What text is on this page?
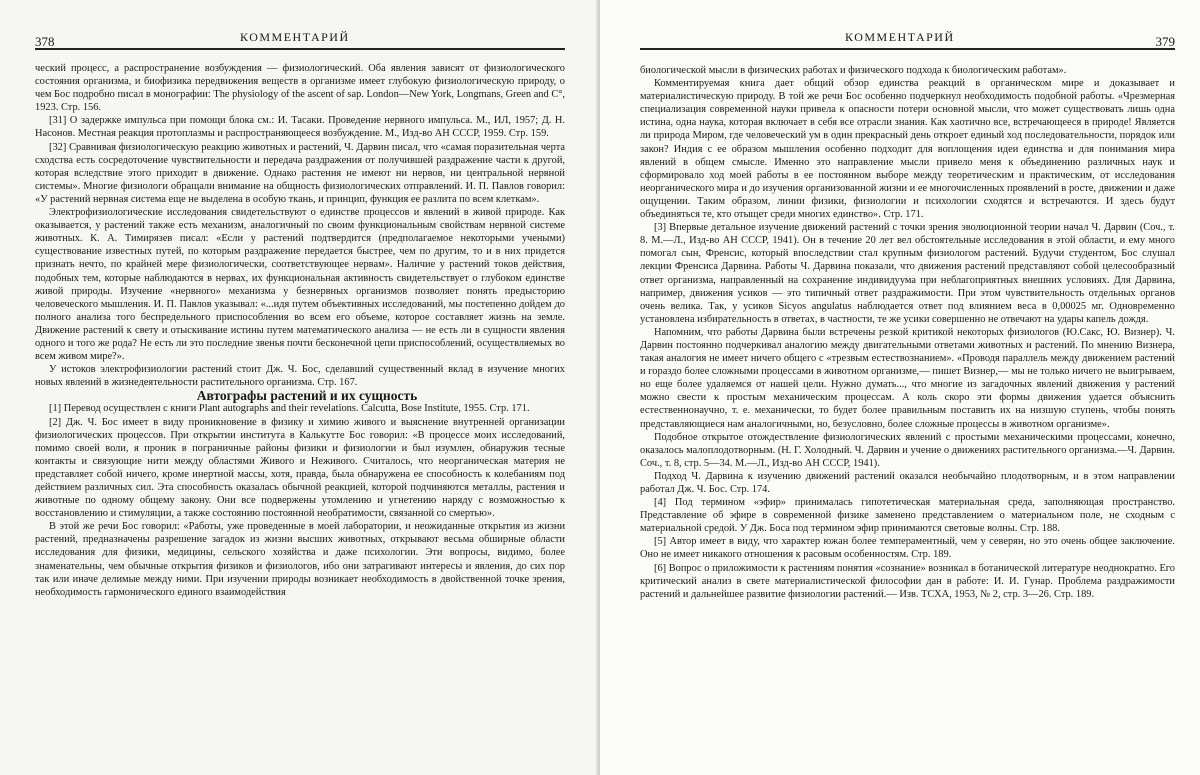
378	КОММЕНТАРИЙ

ческий процесс, а распространение возбуждения — физиологический. Оба явления зависят от физиологического состояния организма, и биофизика передвижения веществ в организме имеет глубокую физиологическую природу, о чем Бос подробно писал в монографии: The physiology of the ascent of sap. London—New York, Longmans, Green and C°, 1923. Стр. 156.

[31] О задержке импульса при помощи блока см.: И. Тасаки. Проведение нервного импульса. М., ИЛ, 1957; Д. Н. Насонов. Местная реакция протоплазмы и распространяющееся возбуждение. М., Изд-во АН СССР, 1959. Стр. 159.

[32] Сравнивая физиологическую реакцию животных и растений, Ч. Дарвин писал, что «самая поразительная черта сходства есть сосредоточение чувствительности и передача раздражения от получившей раздражение части к другой, которая вследствие этого приходит в движение. Однако растения не имеют ни нервов, ни центральной нервной системы». Многие физиологи обращали внимание на общность физиологических отправлений. И. П. Павлов говорил: «У растений нервная система еще не выделена в особую ткань, и принцип, функция ее разлита по всем клеткам».

Электрофизиологические исследования свидетельствуют о единстве процессов и явлений в живой природе. Как оказывается, у растений также есть механизм, аналогичный по своим функциональным свойствам нервной системе животных. К. А. Тимирязев писал: «Если у растений подтвердится (предполагаемое некоторыми учеными) существование известных путей, по которым раздражение передается быстрее, чем по другим, то и в них придется признать нечто, по крайней мере физиологически, соответствующее нервам». Наличие у растений токов действия, подобных тем, которые наблюдаются в нервах, их функциональная активность свидетельствует о глубоком единстве живой природы. Изучение «нервного» механизма у безнервных организмов позволяет понять предысторию человеческого мышления. И. П. Павлов указывал: «...идя путем объективных исследований, мы постепенно дойдем до полного анализа того беспредельного приспособления во всем его объеме, которое составляет жизнь на земле. Движение растений к свету и отыскивание истины путем математического анализа — не есть ли в сущности явления одного и того же рода? Не есть ли это последние звенья почти бесконечной цепи приспособлений, осуществляемых во всем живом мире?».

У истоков электрофизиологии растений стоит Дж. Ч. Бос, сделавший существенный вклад в изучение многих новых явлений в жизнедеятельности растительного организма. Стр. 167.

Автографы растений и их сущность

[1] Перевод осуществлен с книги Plant autographs and their revelations. Calcutta, Bose Institute, 1955. Стр. 171.

[2] Дж. Ч. Бос имеет в виду проникновение в физику и химию живого и выяснение внутренней организации физиологических процессов. При открытии института в Калькутте Бос говорил: «В процессе моих исследований, помимо своей воли, я проник в пограничные районы физики и физиологии и был изумлен, обнаружив тесные контакты и связующие нити между областями Живого и Неживого. Считалось, что неорганическая материя не представляет собой ничего, кроме инертной массы, хотя, правда, была обнаружена ее способность к колебаниям под действием различных сил. Эта способность оказалась обычной реакцией, которой подчиняются металлы, растения и животные по одному общему закону. Они все подвержены утомлению и угнетению наряду с возможностью к восстановлению и стимуляции, а также состоянию постоянной необратимости, связанной со смертью».

В этой же речи Бос говорил: «Работы, уже проведенные в моей лаборатории, и неожиданные открытия из жизни растений, предназначены разрешение загадок из жизни высших животных, открывают весьма обширные области исследования для физики, медицины, сельского хозяйства и даже психологии. Эти вопросы, видимо, более знаменательны, чем обычные открытия физиков и физиологов, ибо они затрагивают интересы и явления, до сих пор так или иначе делимые между ними. При изучении природы возникает необходимость в двойственной точке зрения, необходимость гармонического единого взаимодействия

КОММЕНТАРИЙ	379

биологической мысли в физических работах и физического подхода к биологическим работам».

Комментируемая книга дает общий обзор единства реакций в органическом мире и доказывает и материалистическую природу. В той же речи Бос особенно подчеркнул необходимость подобной работы. «Чрезмерная специализация современной науки привела к опасности потери основной мысли, что может существовать лишь одна истина, одна наука, которая включает в себя все отрасли знания. Как хаотично все, встречающееся в природе! Является ли природа Миром, где человеческий ум в один прекрасный день откроет единый ход последовательности, порядок или закон? Индия с ее образом мышления особенно подходит для воплощения идеи единства и для понимания мира явлений в общем смысле. Именно это направление мысли привело меня к объединению различных наук и сформировало ход моей работы в ее постоянном выборе между теоретическим и практическим, от исследования неорганического мира и до изучения организованной жизни и ее многочисленных проявлений в росте, движении и даже ощущении. Таким образом, линии физики, физиологии и психологии сходятся и встречаются. И здесь будут объединяться те, кто отыщет среди многих единство». Стр. 171.

[3] Впервые детальное изучение движений растений с точки зрения эволюционной теории начал Ч. Дарвин (Соч., т. 8. М.—Л., Изд-во АН СССР, 1941). Он в течение 20 лет вел обстоятельные исследования в этой области, и ему много помогал сын, Френсис, который впоследствии стал крупным физиологом растений. Будучи студентом, Бос слушал лекции Френсиса Дарвина. Работы Ч. Дарвина показали, что движения растений представляют собой целесообразный ответ организма, направленный на сохранение индивидуума при неблагоприятных внешних условиях. Для Дарвина, например, движения усиков — это типичный ответ раздражимости. При этом чувствительность отдельных органов очень велика. Так, у усиков Sicyos angulatus наблюдается ответ под влиянием веса в 0,00025 мг. Одновременно установлена избирательность в ответах, в частности, те же усики совершенно не отвечают на удары капель дождя.

Напомним, что работы Дарвина были встречены резкой критикой некоторых физиологов (Ю.Сакс, Ю. Визнер). Ч. Дарвин постоянно подчеркивал аналогию между двигательными ответами животных и растений. По мнению Визнера, такая аналогия не имеет ничего общего с «трезвым естествознанием». «Проводя параллель между движением растений и гораздо более сложными процессами в животном организме,— пишет Визнер,— мы не только ничего не выигрываем, но еще более удаляемся от нашей цели. Нужно думать..., что многие из загадочных явлений движения у растений можно свести к простым механическим процессам. А коль скоро эти формы движения удается объяснить естественнонаучно, т. е. механически, то будет более правильным поставить их на низшую ступень, чтобы понять представляющиеся нам аналогичными, но, безусловно, более сложные процессы в животном организме».

Подобное открытое отождествление физиологических явлений с простыми механическими процессами, конечно, оказалось малоплодотворным. (Н. Г. Холодный. Ч. Дарвин и учение о движениях растительного организма.—Ч. Дарвин. Соч., т. 8, стр. 5—34. М.—Л., Изд-во АН СССР, 1941).

Подход Ч. Дарвина к изучению движений растений оказался необычайно плодотворным, и в этом направлении работал Дж. Ч. Бос. Стр. 174.

[4] Под термином «эфир» принималась гипотетическая материальная среда, заполняющая пространство. Представление об эфире в современной физике заменено представлением о материальном поле, не сходным с материальной средой. У Дж. Боса под термином эфир принимаются световые волны. Стр. 188.

[5] Автор имеет в виду, что характер южан более темпераментный, чем у северян, но это очень общее заключение. Оно не имеет никакого отношения к расовым особенностям. Стр. 189.

[6] Вопрос о приложимости к растениям понятия «сознание» возникал в ботанической литературе неоднократно. Его критический анализ в свете материалистической философии дан в работе: И. И. Гунар. Проблема раздражимости растений и дальнейшее развитие физиологии растений.— Изв. ТСХА, 1953, № 2, стр. 3—26. Стр. 189.
